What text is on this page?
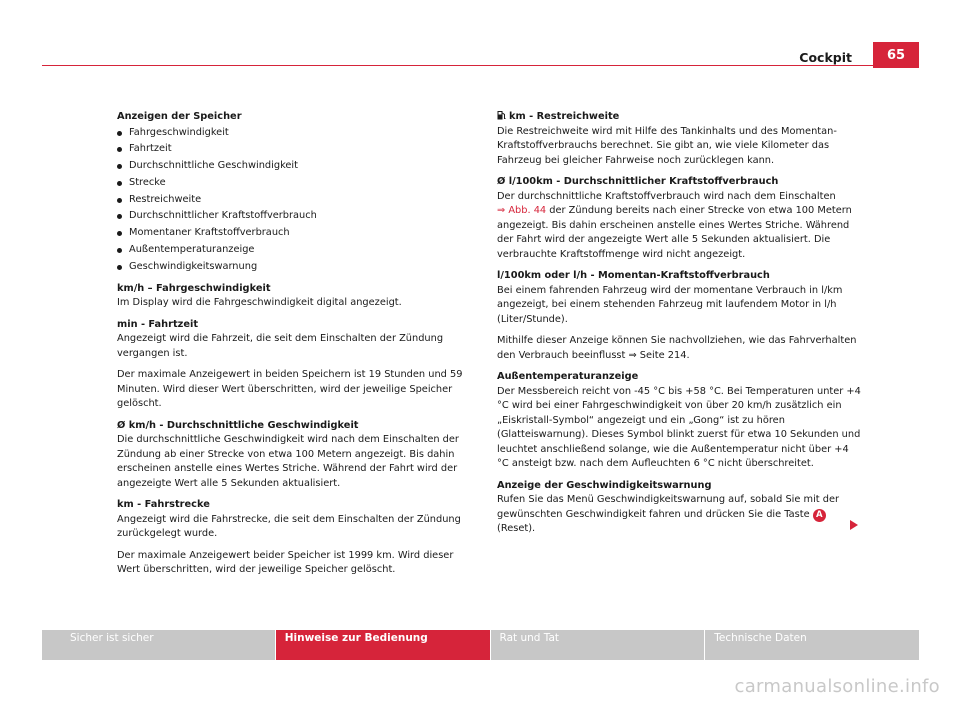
Cockpit	65

Anzeigen der Speicher

Fahrgeschwindigkeit
Fahrtzeit
Durchschnittliche Geschwindigkeit
Strecke
Restreichweite
Durchschnittlicher Kraftstoffverbrauch
Momentaner Kraftstoffverbrauch
Außentemperaturanzeige
Geschwindigkeitswarnung

km/h – Fahrgeschwindigkeit

Im Display wird die Fahrgeschwindigkeit digital angezeigt.

min - Fahrtzeit

Angezeigt wird die Fahrzeit, die seit dem Einschalten der Zündung vergangen ist.

Der maximale Anzeigewert in beiden Speichern ist 19 Stunden und 59 Minuten. Wird dieser Wert überschritten, wird der jeweilige Speicher gelöscht.

Ø km/h - Durchschnittliche Geschwindigkeit

Die durchschnittliche Geschwindigkeit wird nach dem Einschalten der Zündung ab einer Strecke von etwa 100 Metern angezeigt. Bis dahin erscheinen anstelle eines Wertes Striche. Während der Fahrt wird der angezeigte Wert alle 5 Sekunden aktualisiert.

km - Fahrstrecke

Angezeigt wird die Fahrstrecke, die seit dem Einschalten der Zündung zurückgelegt wurde.

Der maximale Anzeigewert beider Speicher ist 1999 km. Wird dieser Wert überschritten, wird der jeweilige Speicher gelöscht.

km - Restreichweite

Die Restreichweite wird mit Hilfe des Tankinhalts und des Momentan-Kraftstoffverbrauchs berechnet. Sie gibt an, wie viele Kilometer das Fahrzeug bei gleicher Fahrweise noch zurücklegen kann.

Ø l/100km - Durchschnittlicher Kraftstoffverbrauch

Der durchschnittliche Kraftstoffverbrauch wird nach dem Einschalten
⇒ Abb. 44 der Zündung bereits nach einer Strecke von etwa 100 Metern angezeigt. Bis dahin erscheinen anstelle eines Wertes Striche. Während der Fahrt wird der angezeigte Wert alle 5 Sekunden aktualisiert. Die verbrauchte Kraftstoffmenge wird nicht angezeigt.

l/100km oder l/h - Momentan-Kraftstoffverbrauch

Bei einem fahrenden Fahrzeug wird der momentane Verbrauch in l/km angezeigt, bei einem stehenden Fahrzeug mit laufendem Motor in l/h (Liter/Stunde).

Mithilfe dieser Anzeige können Sie nachvollziehen, wie das Fahrverhalten den Verbrauch beeinflusst ⇒ Seite 214.

Außentemperaturanzeige

Der Messbereich reicht von -45 °C bis +58 °C. Bei Temperaturen unter +4 °C wird bei einer Fahrgeschwindigkeit von über 20 km/h zusätzlich ein „Eiskristall-Symbol“ angezeigt und ein „Gong“ ist zu hören (Glatteiswarnung). Dieses Symbol blinkt zuerst für etwa 10 Sekunden und leuchtet anschließend solange, wie die Außentemperatur nicht über +4 °C ansteigt bzw. nach dem Aufleuchten 6 °C nicht überschreitet.

Anzeige der Geschwindigkeitswarnung

Rufen Sie das Menü Geschwindigkeitswarnung auf, sobald Sie mit der gewünschten Geschwindigkeit fahren und drücken Sie die Taste A (Reset).

Sicher ist sicher	Hinweise zur Bedienung	Rat und Tat	Technische Daten
carmanualsonline.info
